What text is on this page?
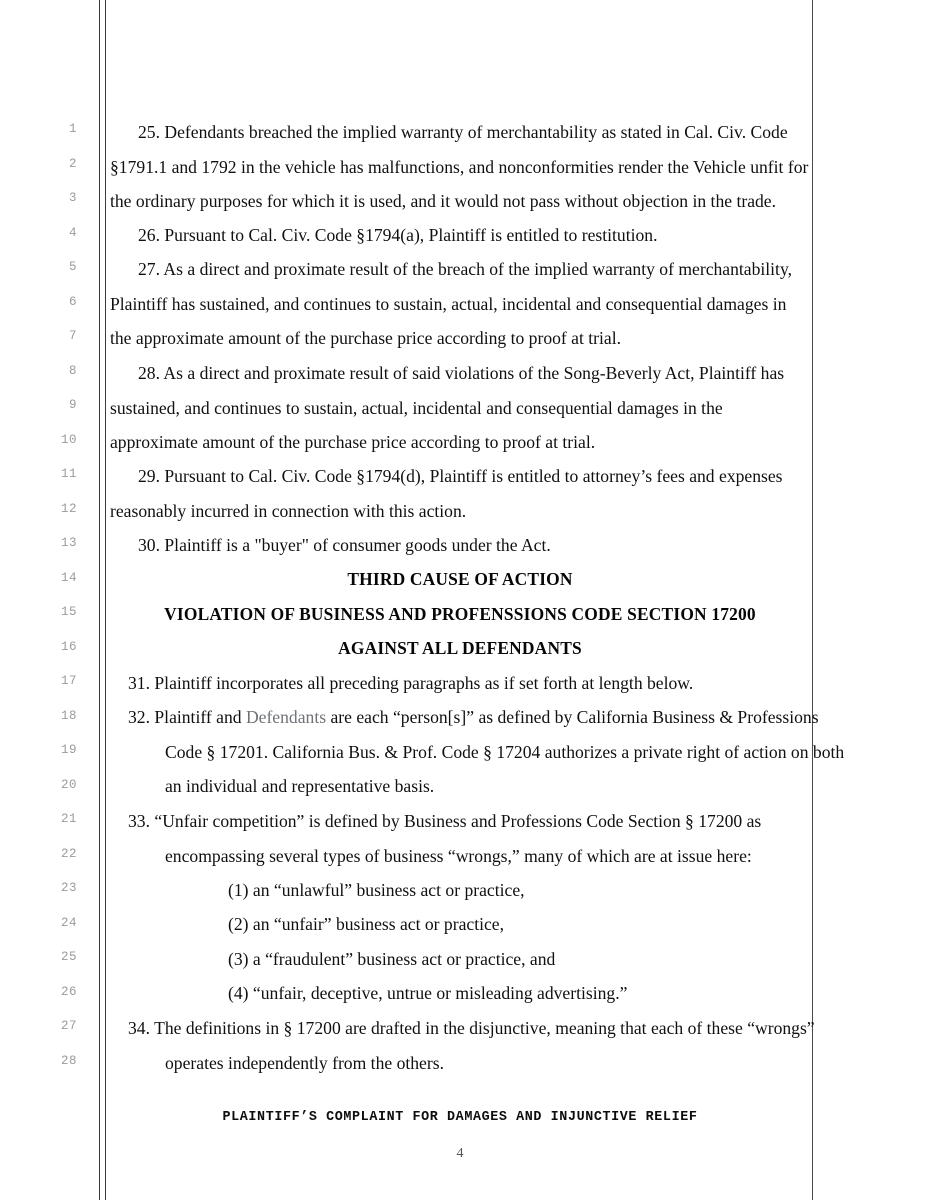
1
2
3
4
5
6
7
8
9
10
11
12
13
14
15
16
17
18
19
20
21
22
23
24
25
26
27
28
25. Defendants breached the implied warranty of merchantability as stated in Cal. Civ. Code §1791.1 and 1792 in the vehicle has malfunctions, and nonconformities render the Vehicle unfit for the ordinary purposes for which it is used, and it would not pass without objection in the trade.
26. Pursuant to Cal. Civ. Code §1794(a), Plaintiff is entitled to restitution.
27. As a direct and proximate result of the breach of the implied warranty of merchantability, Plaintiff has sustained, and continues to sustain, actual, incidental and consequential damages in the approximate amount of the purchase price according to proof at trial.
28. As a direct and proximate result of said violations of the Song-Beverly Act, Plaintiff has sustained, and continues to sustain, actual, incidental and consequential damages in the approximate amount of the purchase price according to proof at trial.
29. Pursuant to Cal. Civ. Code §1794(d), Plaintiff is entitled to attorney’s fees and expenses reasonably incurred in connection with this action.
30. Plaintiff is a "buyer" of consumer goods under the Act.
THIRD CAUSE OF ACTION
VIOLATION OF BUSINESS AND PROFENSSIONS CODE SECTION 17200
AGAINST ALL DEFENDANTS
31. Plaintiff incorporates all preceding paragraphs as if set forth at length below.
32. Plaintiff and Defendants are each “person[s]” as defined by California Business & Professions Code § 17201. California Bus. & Prof. Code § 17204 authorizes a private right of action on both an individual and representative basis.
33. “Unfair competition” is defined by Business and Professions Code Section § 17200 as encompassing several types of business “wrongs,” many of which are at issue here:
(1) an “unlawful” business act or practice,
(2) an “unfair” business act or practice,
(3) a “fraudulent” business act or practice, and
(4) “unfair, deceptive, untrue or misleading advertising.”
34. The definitions in § 17200 are drafted in the disjunctive, meaning that each of these “wrongs” operates independently from the others.
PLAINTIFF’S COMPLAINT FOR DAMAGES AND INJUNCTIVE RELIEF
4
